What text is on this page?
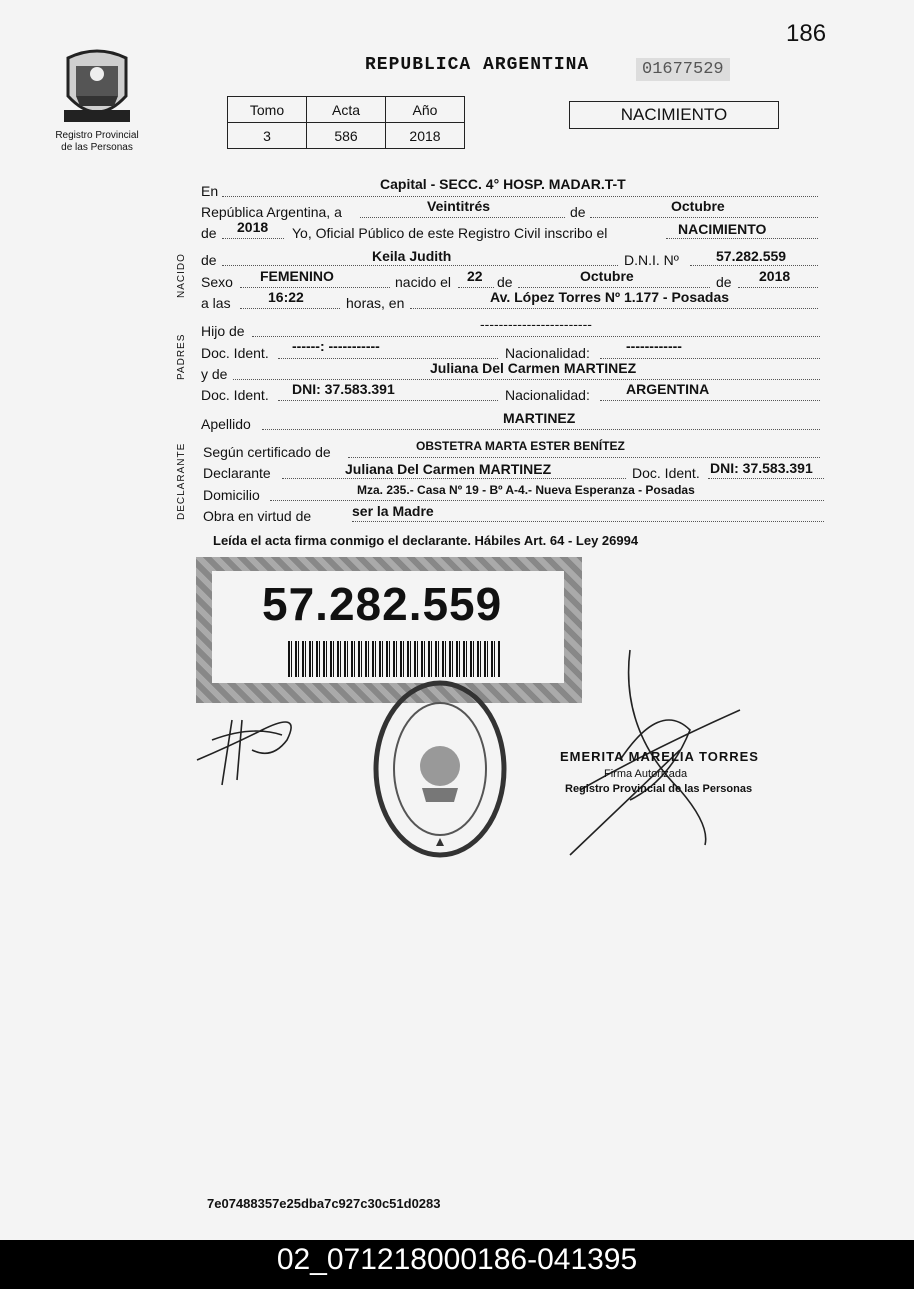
186
Registro Provincial
de las Personas
REPUBLICA ARGENTINA	01677529
Tomo	Acta	Año
3	586	2018
NACIMIENTO
NACIDO
PADRES
DECLARANTE
En	Capital - SECC. 4° HOSP. MADAR.T-T
República Argentina, a	Veintitrés	de	Octubre
de 2018 Yo, Oficial Público de este Registro Civil inscribo el	NACIMIENTO
de	Keila Judith	D.N.I. Nº	57.282.559
Sexo FEMENINO	nacido el 22 de	Octubre	de 2018
a las	16:22	horas, en	Av. López Torres Nº 1.177 - Posadas
Hijo de	------------------------
Doc. Ident. ------: -----------	Nacionalidad:	------------
y de	Juliana Del Carmen MARTINEZ
Doc. Ident. DNI: 37.583.391	Nacionalidad:	ARGENTINA
Apellido	MARTINEZ
Según certificado de	OBSTETRA MARTA ESTER BENÍTEZ
Declarante	Juliana Del Carmen MARTINEZ	Doc. Ident. DNI: 37.583.391
Domicilio	Mza. 235.- Casa Nº 19 - Bº A-4.- Nueva Esperanza - Posadas
Obra en virtud de	ser la Madre
Leída el acta firma conmigo el declarante. Hábiles Art. 64 - Ley 26994
57.282.559
EMERITA MARELIA TORRES
Firma Autorizada
Registro Provincial de las Personas
7e07488357e25dba7c927c30c51d0283
02_071218000186-041395
